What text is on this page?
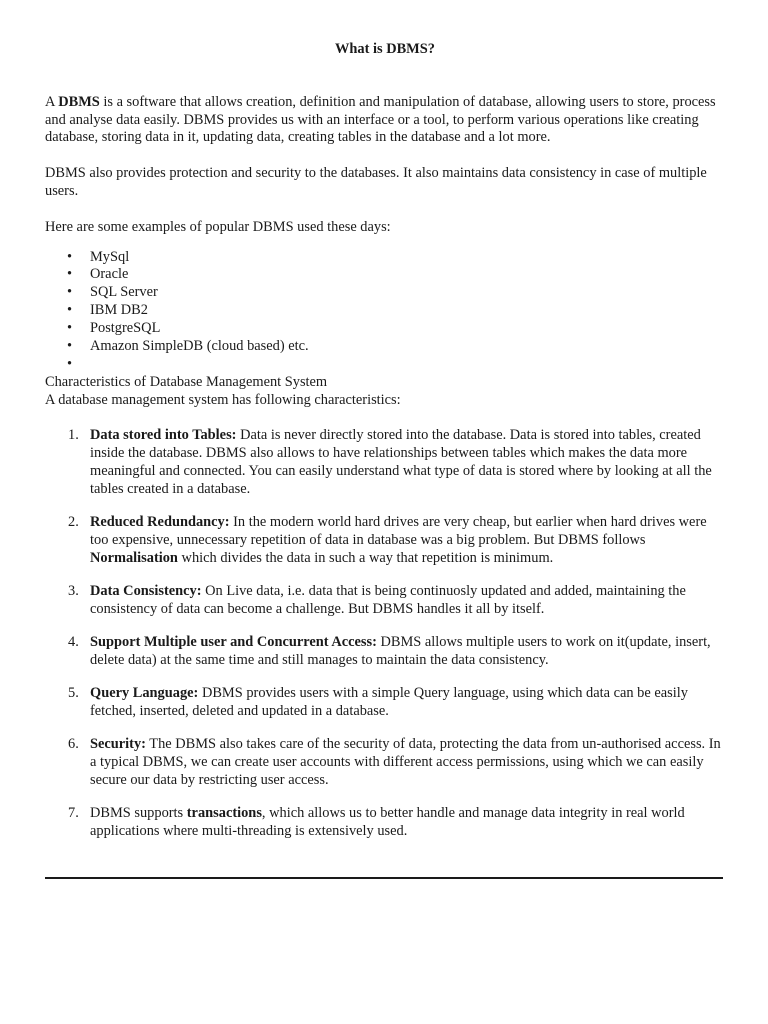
What is DBMS?

A DBMS is a software that allows creation, definition and manipulation of database, allowing users to store, process and analyse data easily. DBMS provides us with an interface or a tool, to perform various operations like creating database, storing data in it, updating data, creating tables in the database and a lot more.

DBMS also provides protection and security to the databases. It also maintains data consistency in case of multiple users.

Here are some examples of popular DBMS used these days:

• MySql
• Oracle
• SQL Server
• IBM DB2
• PostgreSQL
• Amazon SimpleDB (cloud based) etc.
•

Characteristics of Database Management System

A database management system has following characteristics:

1. Data stored into Tables: Data is never directly stored into the database. Data is stored into tables, created inside the database. DBMS also allows to have relationships between tables which makes the data more meaningful and connected. You can easily understand what type of data is stored where by looking at all the tables created in a database.
2. Reduced Redundancy: In the modern world hard drives are very cheap, but earlier when hard drives were too expensive, unnecessary repetition of data in database was a big problem. But DBMS follows Normalisation which divides the data in such a way that repetition is minimum.
3. Data Consistency: On Live data, i.e. data that is being continuosly updated and added, maintaining the consistency of data can become a challenge. But DBMS handles it all by itself.
4. Support Multiple user and Concurrent Access: DBMS allows multiple users to work on it(update, insert, delete data) at the same time and still manages to maintain the data consistency.
5. Query Language: DBMS provides users with a simple Query language, using which data can be easily fetched, inserted, deleted and updated in a database.
6. Security: The DBMS also takes care of the security of data, protecting the data from un-authorised access. In a typical DBMS, we can create user accounts with different access permissions, using which we can easily secure our data by restricting user access.
7. DBMS supports transactions, which allows us to better handle and manage data integrity in real world applications where multi-threading is extensively used.
